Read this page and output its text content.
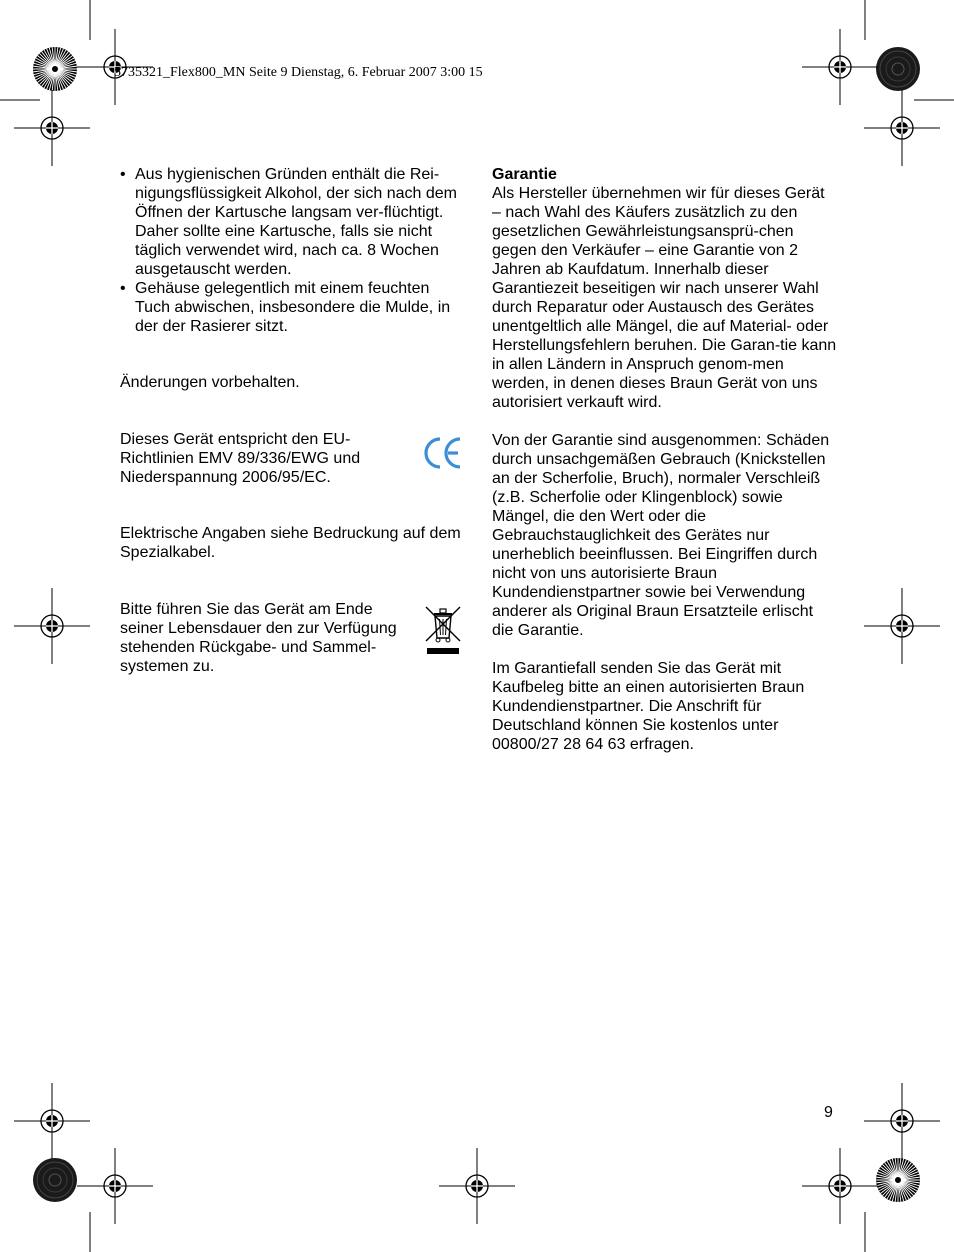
5735321_Flex800_MN Seite 9 Dienstag, 6. Februar 2007 3:00 15
• Aus hygienischen Gründen enthält die Rei-nigungsflüssigkeit Alkohol, der sich nach dem Öffnen der Kartusche langsam ver-flüchtigt. Daher sollte eine Kartusche, falls sie nicht täglich verwendet wird, nach ca. 8 Wochen ausgetauscht werden.
• Gehäuse gelegentlich mit einem feuchten Tuch abwischen, insbesondere die Mulde, in der der Rasierer sitzt.
Änderungen vorbehalten.
Dieses Gerät entspricht den EU-Richtlinien EMV 89/336/EWG und Niederspannung 2006/95/EC.
Elektrische Angaben siehe Bedruckung auf dem Spezialkabel.
Bitte führen Sie das Gerät am Ende seiner Lebensdauer den zur Verfügung stehenden Rückgabe- und Sammel-systemen zu.
Garantie
Als Hersteller übernehmen wir für dieses Gerät – nach Wahl des Käufers zusätzlich zu den gesetzlichen Gewährleistungsansprü-chen gegen den Verkäufer – eine Garantie von 2 Jahren ab Kaufdatum. Innerhalb dieser Garantiezeit beseitigen wir nach unserer Wahl durch Reparatur oder Austausch des Gerätes unentgeltlich alle Mängel, die auf Material- oder Herstellungsfehlern beruhen. Die Garan-tie kann in allen Ländern in Anspruch genom-men werden, in denen dieses Braun Gerät von uns autorisiert verkauft wird.
Von der Garantie sind ausgenommen: Schäden durch unsachgemäßen Gebrauch (Knickstellen an der Scherfolie, Bruch), normaler Verschleiß (z.B. Scherfolie oder Klingenblock) sowie Mängel, die den Wert oder die Gebrauchstauglichkeit des Gerätes nur unerheblich beeinflussen. Bei Eingriffen durch nicht von uns autorisierte Braun Kundendienstpartner sowie bei Verwendung anderer als Original Braun Ersatzteile erlischt die Garantie.
Im Garantiefall senden Sie das Gerät mit Kaufbeleg bitte an einen autorisierten Braun Kundendienstpartner. Die Anschrift für Deutschland können Sie kostenlos unter 00800/27 28 64 63 erfragen.
9
